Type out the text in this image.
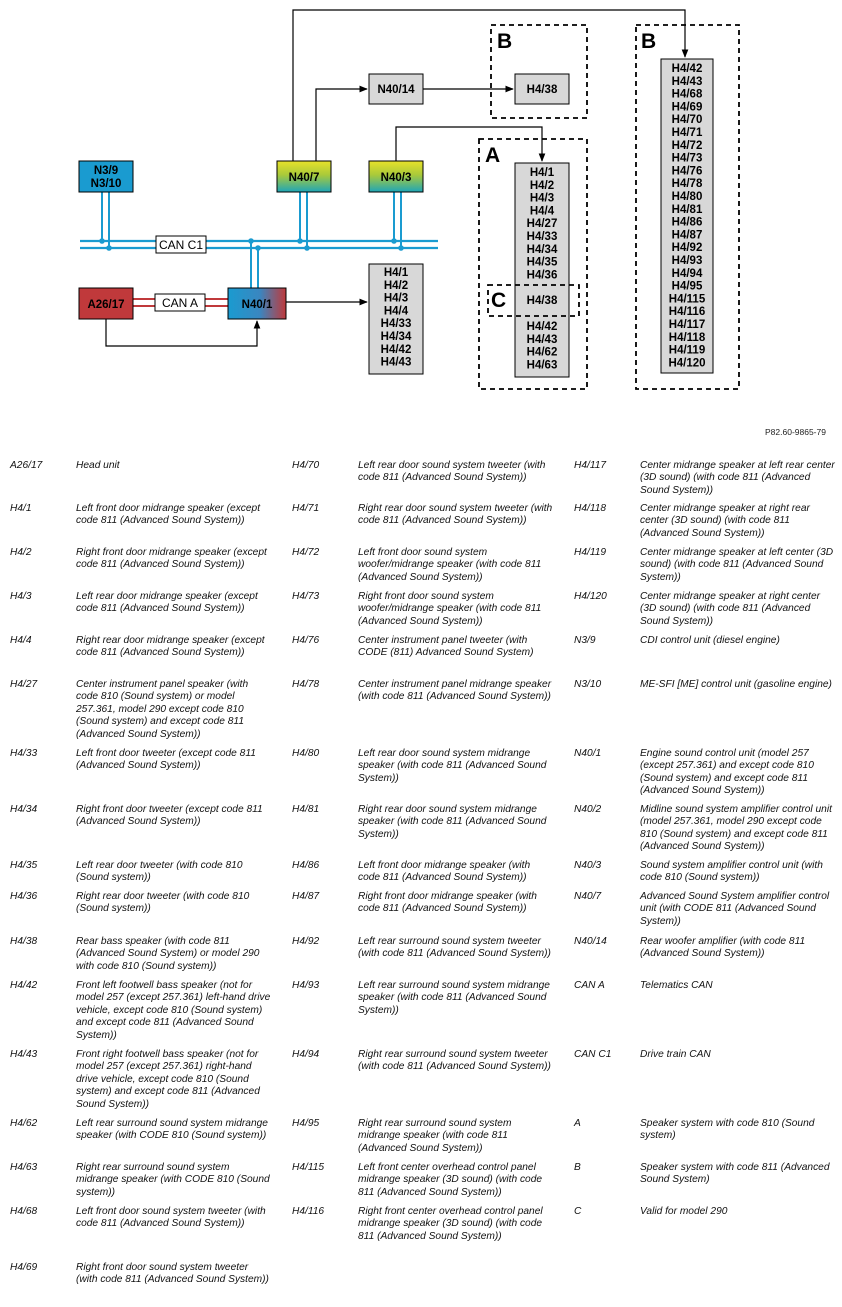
CAN C1
CAN A
N3/9
N3/10	N40/7	N40/3
N40/14
A26/17	N40/1
H4/1
H4/2
H4/3
H4/4
H4/33
H4/34
H4/42
H4/43
B
H4/38
A
H4/1
H4/2
H4/3
H4/4
H4/27
H4/33
H4/34
H4/35
H4/36
C H4/38
H4/42
H4/43
H4/62
H4/63
B
H4/42
H4/43
H4/68
H4/69
H4/70
H4/71
H4/72
H4/73
H4/76
H4/78
H4/80
H4/81
H4/86
H4/87
H4/92
H4/93
H4/94
H4/95
H4/115
H4/116
H4/117
H4/118
H4/119
H4/120
P82.60-9865-79
A26/17	Head unit
H4/1	Left front door midrange speaker (except code 811 (Advanced Sound System))
H4/2	Right front door midrange speaker (except code 811 (Advanced Sound System))
H4/3	Left rear door midrange speaker (except code 811 (Advanced Sound System))
H4/4	Right rear door midrange speaker (except code 811 (Advanced Sound System))
H4/27	Center instrument panel speaker (with code 810 (Sound system) or model 257.361, model 290 except code 810 (Sound system) and except code 811 (Advanced Sound System))
H4/33	Left front door tweeter (except code 811 (Advanced Sound System))
H4/34	Right front door tweeter (except code 811 (Advanced Sound System))
H4/35	Left rear door tweeter (with code 810 (Sound system))
H4/36	Right rear door tweeter (with code 810 (Sound system))
H4/38	Rear bass speaker (with code 811 (Advanced Sound System) or model 290 with code 810 (Sound system))
H4/42	Front left footwell bass speaker (not for model 257 (except 257.361) left-hand drive vehicle, except code 810 (Sound system) and except code 811 (Advanced Sound System))
H4/43	Front right footwell bass speaker (not for model 257 (except 257.361) right-hand drive vehicle, except code 810 (Sound system) and except code 811 (Advanced Sound System))
H4/62	Left rear surround sound system midrange speaker (with CODE 810 (Sound system))
H4/63	Right rear surround sound system midrange speaker (with CODE 810 (Sound system))
H4/68	Left front door sound system tweeter (with code 811 (Advanced Sound System))
H4/69	Right front door sound system tweeter (with code 811 (Advanced Sound System))
H4/70	Left rear door sound system tweeter (with code 811 (Advanced Sound System))
H4/71	Right rear door sound system tweeter (with code 811 (Advanced Sound System))
H4/72	Left front door sound system woofer/midrange speaker (with code 811 (Advanced Sound System))
H4/73	Right front door sound system woofer/midrange speaker (with code 811 (Advanced Sound System))
H4/76	Center instrument panel tweeter (with CODE (811) Advanced Sound System)
H4/78	Center instrument panel midrange speaker (with code 811 (Advanced Sound System))
H4/80	Left rear door sound system midrange speaker (with code 811 (Advanced Sound System))
H4/81	Right rear door sound system midrange speaker (with code 811 (Advanced Sound System))
H4/86	Left front door midrange speaker (with code 811 (Advanced Sound System))
H4/87	Right front door midrange speaker (with code 811 (Advanced Sound System))
H4/92	Left rear surround sound system tweeter (with code 811 (Advanced Sound System))
H4/93	Left rear surround sound system midrange speaker (with code 811 (Advanced Sound System))
H4/94	Right rear surround sound system tweeter (with code 811 (Advanced Sound System))
H4/95	Right rear surround sound system midrange speaker (with code 811 (Advanced Sound System))
H4/115	Left front center overhead control panel midrange speaker (3D sound) (with code 811 (Advanced Sound System))
H4/116	Right front center overhead control panel midrange speaker (3D sound) (with code 811 (Advanced Sound System))
H4/117	Center midrange speaker at left rear center (3D sound) (with code 811 (Advanced Sound System))
H4/118	Center midrange speaker at right rear center (3D sound) (with code 811 (Advanced Sound System))
H4/119	Center midrange speaker at left center (3D sound) (with code 811 (Advanced Sound System))
H4/120	Center midrange speaker at right center (3D sound) (with code 811 (Advanced Sound System))
N3/9	CDI control unit (diesel engine)
N3/10	ME-SFI [ME] control unit (gasoline engine)
N40/1	Engine sound control unit (model 257 (except 257.361) and except code 810 (Sound system) and except code 811 (Advanced Sound System))
N40/2	Midline sound system amplifier control unit (model 257.361, model 290 except code 810 (Sound system) and except code 811 (Advanced Sound System))
N40/3	Sound system amplifier control unit (with code 810 (Sound system))
N40/7	Advanced Sound System amplifier control unit (with CODE 811 (Advanced Sound System))
N40/14	Rear woofer amplifier (with code 811 (Advanced Sound System))
CAN A	Telematics CAN
CAN C1	Drive train CAN
A	Speaker system with code 810 (Sound system)
B	Speaker system with code 811 (Advanced Sound System)
C	Valid for model 290
